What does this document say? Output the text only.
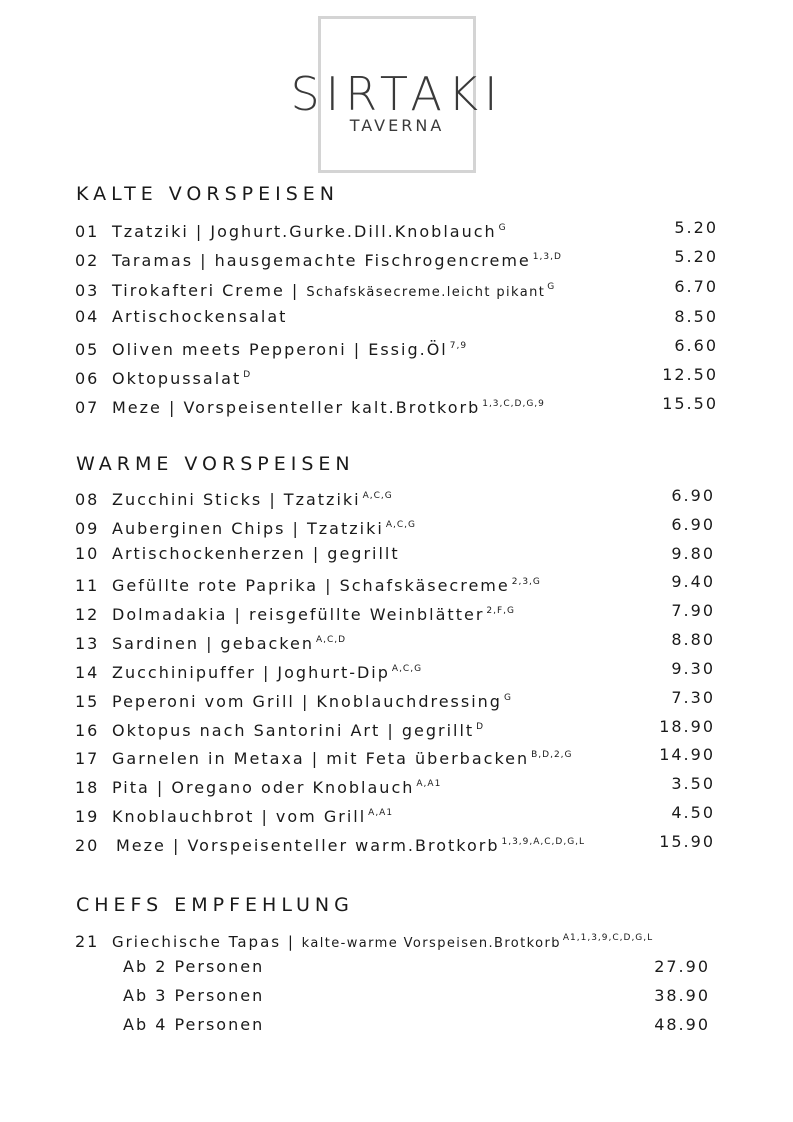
SIRTAKI
TAVERNA
KALTE VORSPEISEN
01 Tzatziki | Joghurt.Gurke.Dill.Knoblauch $^G$	5.20
02 Taramas | hausgemachte Fischrogencreme $^{1,3,D}$	5.20
03 Tirokafteri Creme | Schafskäsecreme.leicht pikant $^G$	6.70
04 Artischockensalat	8.50
05 Oliven meets Pepperoni | Essig.Öl $^{7,9}$	6.60
06 Oktopussalat $^D$	12.50
07 Meze | Vorspeisenteller kalt.Brotkorb $^{1,3,C,D,G,9}$	15.50
WARME VORSPEISEN
08 Zucchini Sticks | Tzatziki $^{A,C,G}$	6.90
09 Auberginen Chips | Tzatziki $^{A,C,G}$	6.90
10 Artischockenherzen | gegrillt	9.80
11 Gefüllte rote Paprika | Schafskäsecreme $^{2,3,G}$	9.40
12 Dolmadakia | reisgefüllte Weinblätter $^{2,F,G}$	7.90
13 Sardinen | gebacken $^{A,C,D}$	8.80
14 Zucchinipuffer | Joghurt-Dip $^{A,C,G}$	9.30
15 Peperoni vom Grill | Knoblauchdressing $^G$	7.30
16 Oktopus nach Santorini Art | gegrillt $^D$	18.90
17 Garnelen in Metaxa | mit Feta überbacken $^{B,D,2,G}$	14.90
18 Pita | Oregano oder Knoblauch $^{A,A1}$	3.50
19 Knoblauchbrot | vom Grill $^{A,A1}$	4.50
20 Meze | Vorspeisenteller warm.Brotkorb $^{1,3,9,A,C,D,G,L}$	15.90
CHEFS EMPFEHLUNG
21 Griechische Tapas | kalte-warme Vorspeisen.Brotkorb $^{A1,1,3,9,C,D,G,L}$
Ab 2 Personen	27.90
Ab 3 Personen	38.90
Ab 4 Personen	48.90
